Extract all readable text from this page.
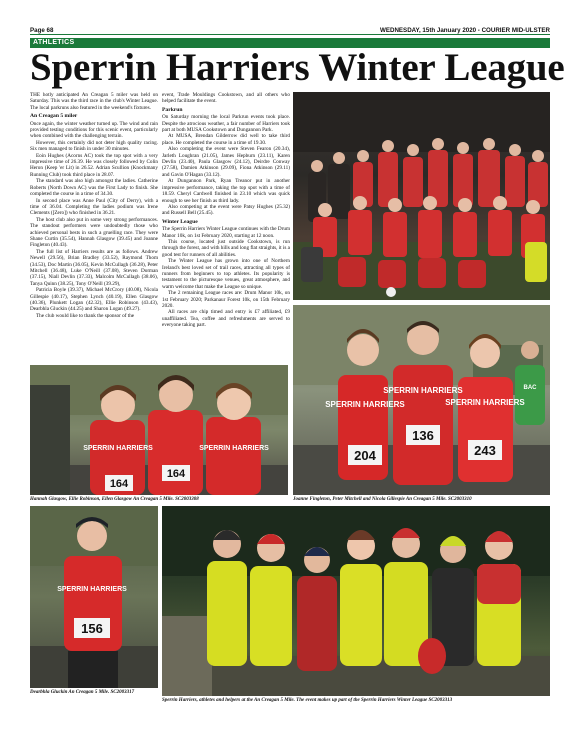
Page 68	WEDNESDAY, 15th January 2020 - COURIER MID-ULSTER
ATHLETICS
Sperrin Harriers Winter League

THE hotly anticipated An Creagan 5 miler was held on Saturday. This was the third race in the club's Winter League. The local parkruns also featured in the weekend's fixtures.

An Creagan 5 miler

Once again, the winter weather turned up. The wind and rain provided testing conditions for this scenic event, particularly when combined with the challenging terrain.

However, this certainly did not deter high quality racing. Six men managed to finish in under 30 minutes.

Eoin Hughes (Acorns AC) took the top spot with a very impressive time of 26.39. He was closely followed by Colin Heron (Keep 'er Lit) in 26.52. Adrian Scullion (Knockmany Running Club) took third place in 28.07.

The standard was also high amongst the ladies. Catherine Roberts (North Down AC) was the First Lady to finish. She completed the course in a time of 34.30.

In second place was Anne Paul (City of Derry), with a time of 36.04. Completing the ladies podium was Irene Clements ([Zero]) who finished in 36.21.

The host club also put in some very strong performances. The standout performers were undoubtedly those who achieved personal bests in such a gruelling race. They were Shane Curtin (35.54), Hannah Glasgow (39.45) and Joanne Fingleton (40.43).

The full list of Harriers results are as follows. Andrew Newell (29.56), Brian Bradley (33.52), Raymond Thom (34.53), Doc Martin (36.05), Kevin McCullagh (36.28), Peter Mitchell (36.48), Luke O'Neill (37.08), Steven Dorman (37.15), Niall Devlin (37.33), Malcolm McCullagh (38.06), Tanya Quinn (38.25), Tony O'Neill (39.29),

Patricia Boyle (39.37), Michael McCrory (40.08), Nicola Gillespie (40.17), Stephen Lynch (40.19), Ellen Glasgow (40.36), Plunkett Logan (42.32), Ellie Robinson (43.43), Dearbhla Gluckin (44.25) and Sharon Logan (49.27).

The club would like to thank the sponsor of the

event, Trade Mouldings Cookstown, and all others who helped facilitate the event.

Parkrun

On Saturday morning the local Parkrun events took place. Despite the atrocious weather, a fair number of Harriers took part at both MUSA Cookstown and Dungannon Park.

At MUSA, Brendan Gilderrow did well to take third place. He completed the course in a time of 19.30.

Also completing the event were Steven Fearon (20.34), Jarleth Loughran (21.05), James Hepburn (23.11), Karen Devlin (23.40), Paula Glasgow (24.12), Deirdre Conway (27.58), Damien Atkinson (29.09), Fiona Atkinson (29.11) and Gavin O'Hagan (33.12).

At Dungannon Park, Ryan Treanor put in another impressive performance, taking the top spot with a time of 18.59. Cheryl Cardwell finished in 23.10 which was quick enough to see her finish as third lady.

Also competing at the event were Patsy Hughes (25.32) and Russell Bell (25.45).

Winter League

The Sperrin Harriers Winter League continues with the Drum Manor 10k, on 1st February 2020, starting at 12 noon.

This course, located just outside Cookstown, is run through the forest, and with hills and long flat straights, it is a good test for runners of all abilities.

The Winter League has grown into one of Northern Ireland's best loved set of trail races, attracting all types of runners from beginners to top athletes. Its popularity is testament to the picturesque venues, great atmosphere, and warm welcome that make the League so unique.

The 2 remaining League races are: Drum Manor 10k, on 1st February 2020; Parkanaur Forest 10k, on 15th February 2020.

All races are chip timed and entry is £7 affiliated, £9 unaffiliated. Tea, coffee and refreshments are served to everyone taking part.

SPERRIN HARRIERS
SPERRIN HARRIERS
SPERRIN HARRIERS
BAC
204
136
243
Joanne Fingleton, Peter Mitchell and Nicola Gillespie An Creagan 5 Mile. SC2003310
SPERRIN HARRIERS	SPERRIN HARRIERS
164
164
Hannah Glasgow, Ellie Robinson, Ellen Glasgow An Creagan 5 Mile. SC2003308
SPERRIN HARRIERS
156
Dearbhla Gluckin An Creagan 5 Mile. SC2003317
Sperrin Harriers, athletes and helpers at the An Creagan 5 Mile. The event makes up part of the Sperrin Harriers Winter League SC2003313
